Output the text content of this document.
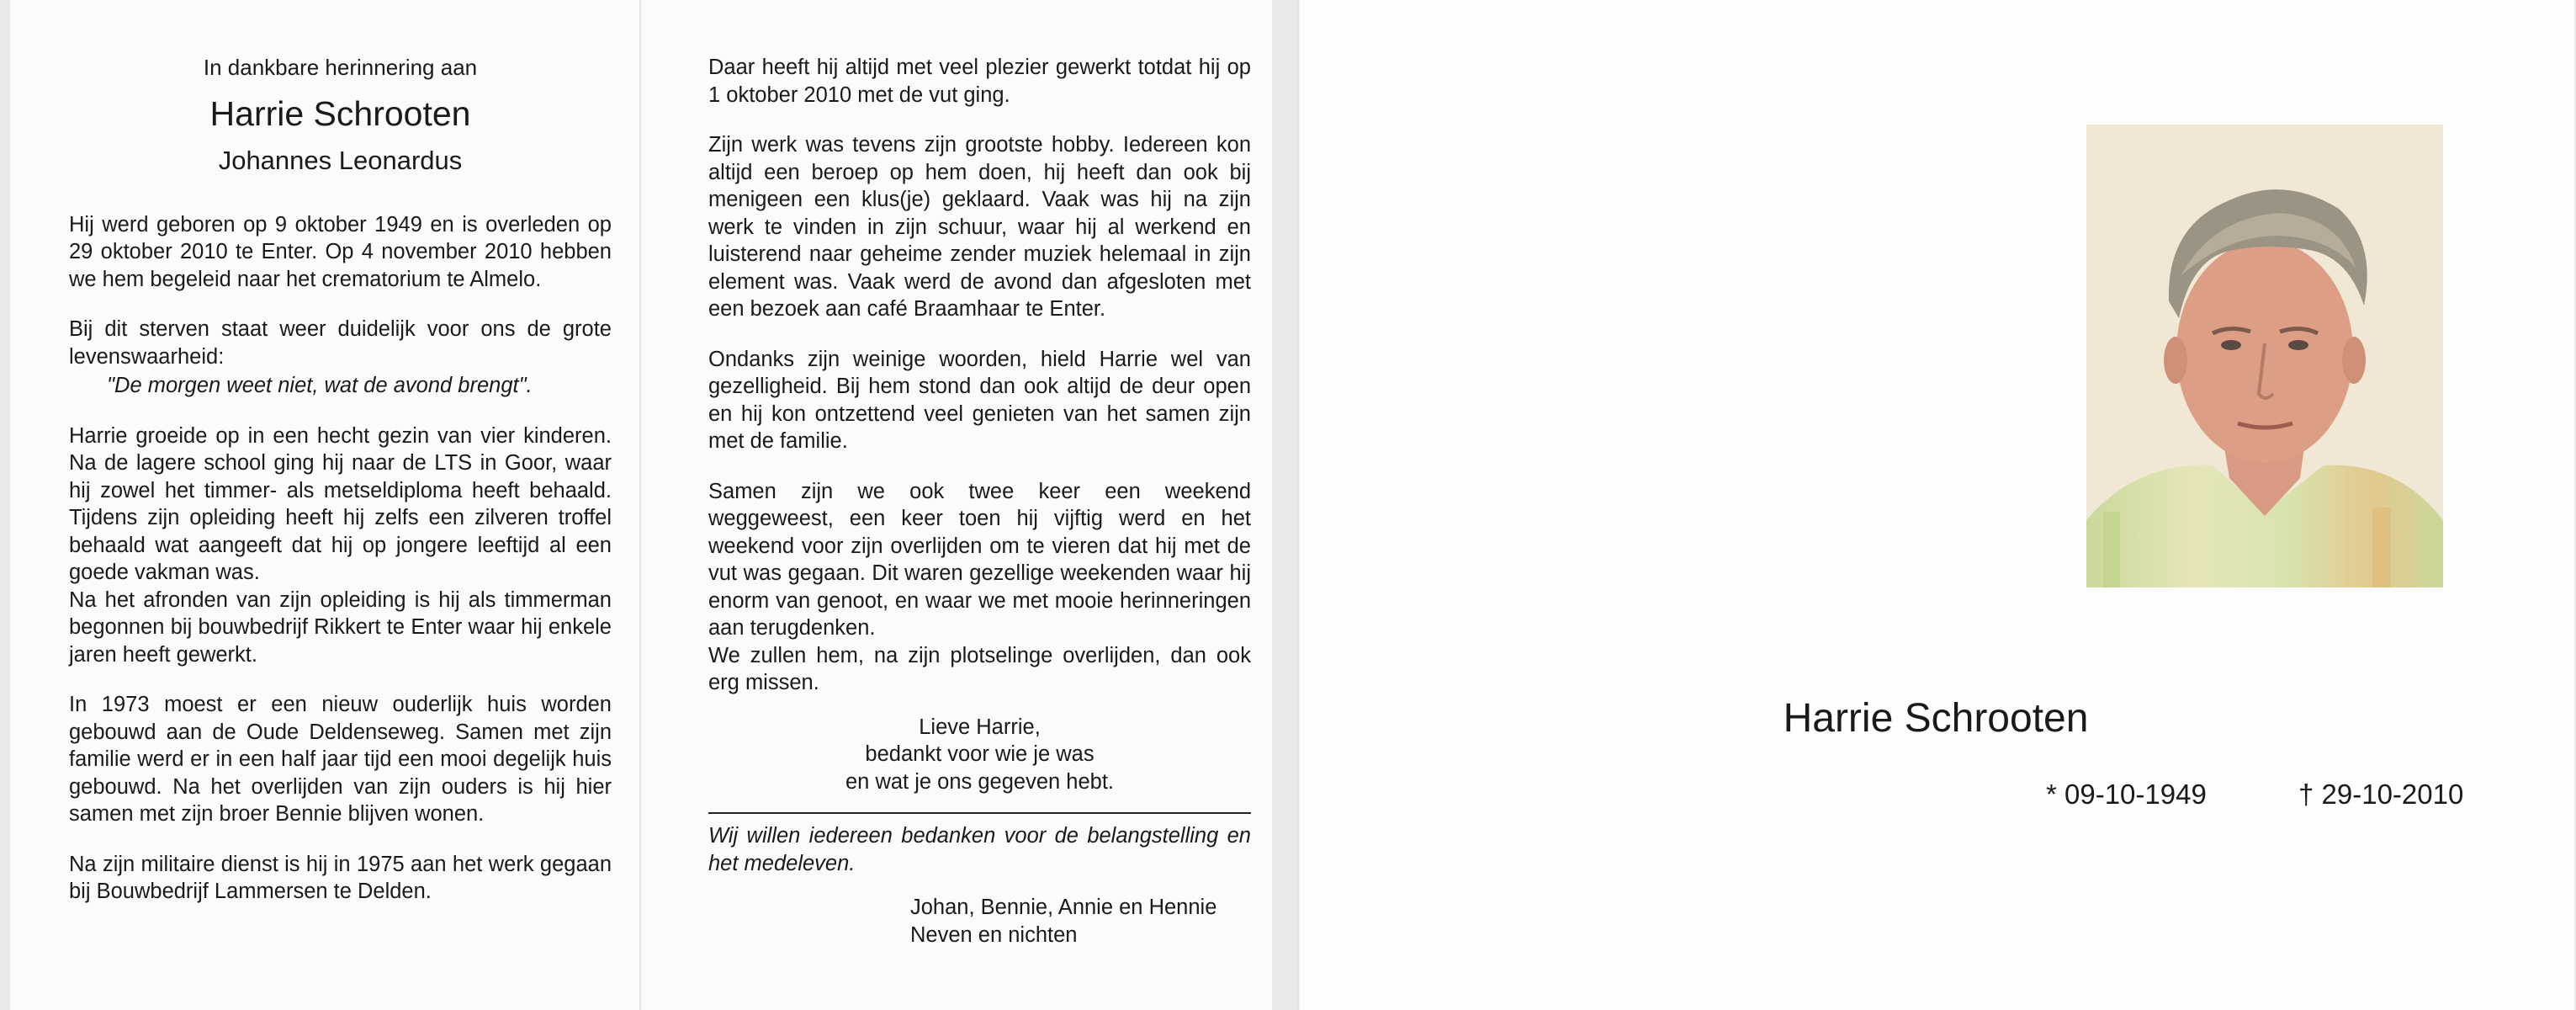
In dankbare herinnering aan
Harrie Schrooten
Johannes Leonardus

Hij werd geboren op 9 oktober 1949 en is overleden op 29 oktober 2010 te Enter. Op 4 november 2010 hebben we hem begeleid naar het crematorium te Almelo.

Bij dit sterven staat weer duidelijk voor ons de grote levenswaarheid:

"De morgen weet niet, wat de avond brengt".

Harrie groeide op in een hecht gezin van vier kinderen. Na de lagere school ging hij naar de LTS in Goor, waar hij zowel het timmer- als metseldiploma heeft behaald. Tijdens zijn opleiding heeft hij zelfs een zilveren troffel behaald wat aangeeft dat hij op jongere leeftijd al een goede vakman was.

Na het afronden van zijn opleiding is hij als timmerman begonnen bij bouwbedrijf Rikkert te Enter waar hij enkele jaren heeft gewerkt.

In 1973 moest er een nieuw ouderlijk huis worden gebouwd aan de Oude Deldenseweg. Samen met zijn familie werd er in een half jaar tijd een mooi degelijk huis gebouwd. Na het overlijden van zijn ouders is hij hier samen met zijn broer Bennie blijven wonen.

Na zijn militaire dienst is hij in 1975 aan het werk gegaan bij Bouwbedrijf Lammersen te Delden.

Daar heeft hij altijd met veel plezier gewerkt totdat hij op 1 oktober 2010 met de vut ging.

Zijn werk was tevens zijn grootste hobby. Iedereen kon altijd een beroep op hem doen, hij heeft dan ook bij menigeen een klus(je) geklaard. Vaak was hij na zijn werk te vinden in zijn schuur, waar hij al werkend en luisterend naar geheime zender muziek helemaal in zijn element was. Vaak werd de avond dan afgesloten met een bezoek aan café Braamhaar te Enter.

Ondanks zijn weinige woorden, hield Harrie wel van gezelligheid. Bij hem stond dan ook altijd de deur open en hij kon ontzettend veel genieten van het samen zijn met de familie.

Samen zijn we ook twee keer een weekend weggeweest, een keer toen hij vijftig werd en het weekend voor zijn overlijden om te vieren dat hij met de vut was gegaan. Dit waren gezellige weekenden waar hij enorm van genoot, en waar we met mooie herinneringen aan terugdenken.

We zullen hem, na zijn plotselinge overlijden, dan ook erg missen.

Lieve Harrie,
bedankt voor wie je was
en wat je ons gegeven hebt.

Wij willen iedereen bedanken voor de belangstelling en het medeleven.

Johan, Bennie, Annie en Hennie
Neven en nichten
Harrie Schrooten
* 09-10-1949	† 29-10-2010
